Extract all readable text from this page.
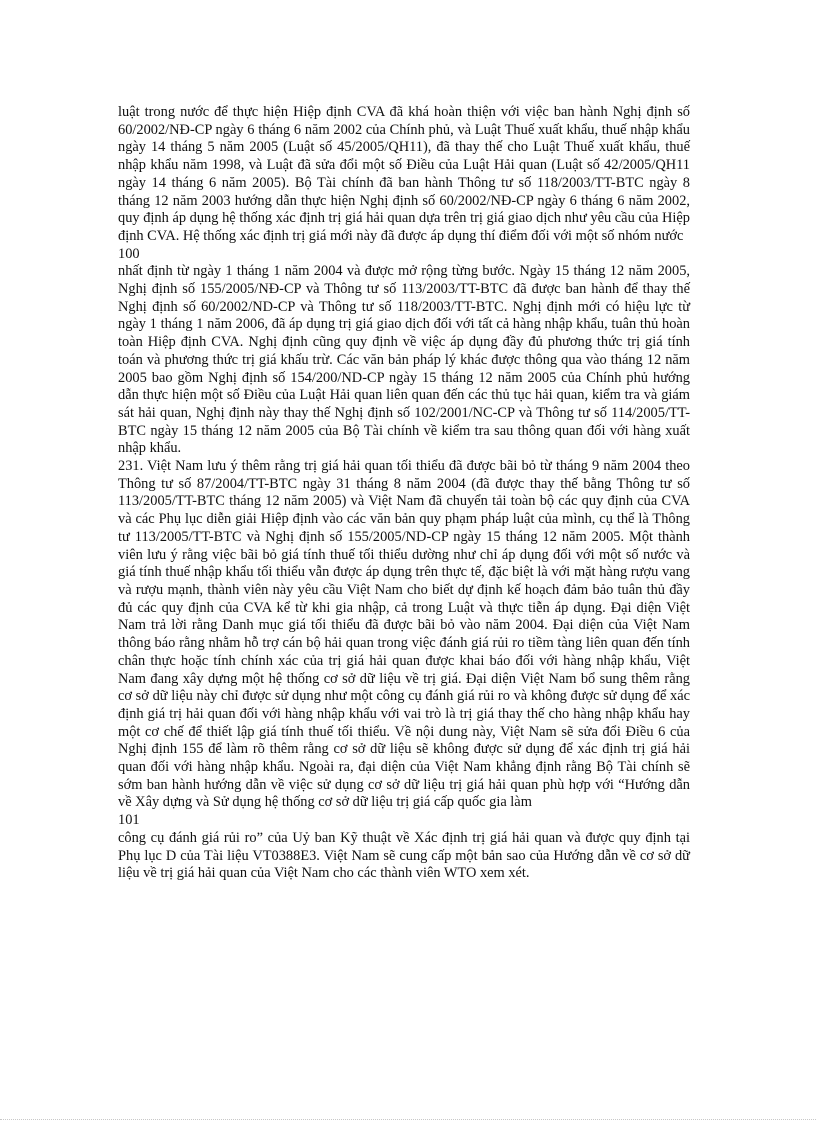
luật trong nước để thực hiện Hiệp định CVA đã khá hoàn thiện với việc ban hành Nghị định số 60/2002/NĐ-CP ngày 6 tháng 6 năm 2002 của Chính phủ, và Luật Thuế xuất khẩu, thuế nhập khẩu ngày 14 tháng 5 năm 2005 (Luật số 45/2005/QH11), đã thay thế cho Luật Thuế xuất khẩu, thuế nhập khẩu năm 1998, và Luật đã sửa đổi một số Điều của Luật Hải quan (Luật số 42/2005/QH11 ngày 14 tháng 6 năm 2005). Bộ Tài chính đã ban hành Thông tư số 118/2003/TT-BTC ngày 8 tháng 12 năm 2003 hướng dẫn thực hiện Nghị định số 60/2002/NĐ-CP ngày 6 tháng 6 năm 2002, quy định áp dụng hệ thống xác định trị giá hải quan dựa trên trị giá giao dịch như yêu cầu của Hiệp định CVA. Hệ thống xác định trị giá mới này đã được áp dụng thí điểm đối với một số nhóm nước

100

nhất định từ ngày 1 tháng 1 năm 2004 và được mở rộng từng bước. Ngày 15 tháng 12 năm 2005, Nghị định số 155/2005/NĐ-CP và Thông tư số 113/2003/TT-BTC đã được ban hành để thay thế Nghị định số 60/2002/ND-CP và Thông tư số 118/2003/TT-BTC. Nghị định mới có hiệu lực từ ngày 1 tháng 1 năm 2006, đã áp dụng trị giá giao dịch đối với tất cả hàng nhập khẩu, tuân thủ hoàn toàn Hiệp định CVA. Nghị định cũng quy định về việc áp dụng đầy đủ phương thức trị giá tính toán và phương thức trị giá khấu trừ. Các văn bản pháp lý khác được thông qua vào tháng 12 năm 2005 bao gồm Nghị định số 154/200/ND-CP ngày 15 tháng 12 năm 2005 của Chính phủ hướng dẫn thực hiện một số Điều của Luật Hải quan liên quan đến các thủ tục hải quan, kiểm tra và giám sát hải quan, Nghị định này thay thế Nghị định số 102/2001/NC-CP và Thông tư số 114/2005/TT-BTC ngày 15 tháng 12 năm 2005 của Bộ Tài chính về kiểm tra sau thông quan đối với hàng xuất nhập khẩu.

231. Việt Nam lưu ý thêm rằng trị giá hải quan tối thiểu đã được bãi bỏ từ tháng 9 năm 2004 theo Thông tư số 87/2004/TT-BTC ngày 31 tháng 8 năm 2004 (đã được thay thế bằng Thông tư số 113/2005/TT-BTC tháng 12 năm 2005) và Việt Nam đã chuyển tải toàn bộ các quy định của CVA và các Phụ lục diễn giải Hiệp định vào các văn bản quy phạm pháp luật của mình, cụ thể là Thông tư 113/2005/TT-BTC và Nghị định số 155/2005/ND-CP ngày 15 tháng 12 năm 2005. Một thành viên lưu ý rằng việc bãi bỏ giá tính thuế tối thiểu dường như chỉ áp dụng đối với một số nước và giá tính thuế nhập khẩu tối thiểu vẫn được áp dụng trên thực tế, đặc biệt là với mặt hàng rượu vang và rượu mạnh, thành viên này yêu cầu Việt Nam cho biết dự định kế hoạch đảm bảo tuân thủ đầy đủ các quy định của CVA kể từ khi gia nhập, cả trong Luật và thực tiễn áp dụng. Đại diện Việt Nam trả lời rằng Danh mục giá tối thiểu đã được bãi bỏ vào năm 2004. Đại diện của Việt Nam thông báo rằng nhằm hỗ trợ cán bộ hải quan trong việc đánh giá rủi ro tiềm tàng liên quan đến tính chân thực hoặc tính chính xác của trị giá hải quan được khai báo đối với hàng nhập khẩu, Việt Nam đang xây dựng một hệ thống cơ sở dữ liệu về trị giá. Đại diện Việt Nam bổ sung thêm rằng cơ sở dữ liệu này chỉ được sử dụng như một công cụ đánh giá rủi ro và không được sử dụng để xác định giá trị hải quan đối với hàng nhập khẩu với vai trò là trị giá thay thế cho hàng nhập khẩu hay một cơ chế để thiết lập giá tính thuế tối thiểu. Về nội dung này, Việt Nam sẽ sửa đổi Điều 6 của Nghị định 155 để làm rõ thêm rằng cơ sở dữ liệu sẽ không được sử dụng để xác định trị giá hải quan đối với hàng nhập khẩu. Ngoài ra, đại diện của Việt Nam khẳng định rằng Bộ Tài chính sẽ sớm ban hành hướng dẫn về việc sử dụng cơ sở dữ liệu trị giá hải quan phù hợp với “Hướng dẫn về Xây dựng và Sử dụng hệ thống cơ sở dữ liệu trị giá cấp quốc gia làm

101

công cụ đánh giá rủi ro” của Uỷ ban Kỹ thuật về Xác định trị giá hải quan và được quy định tại Phụ lục D của Tài liệu VT0388E3. Việt Nam sẽ cung cấp một bản sao của Hướng dẫn về cơ sở dữ liệu về trị giá hải quan của Việt Nam cho các thành viên WTO xem xét.
